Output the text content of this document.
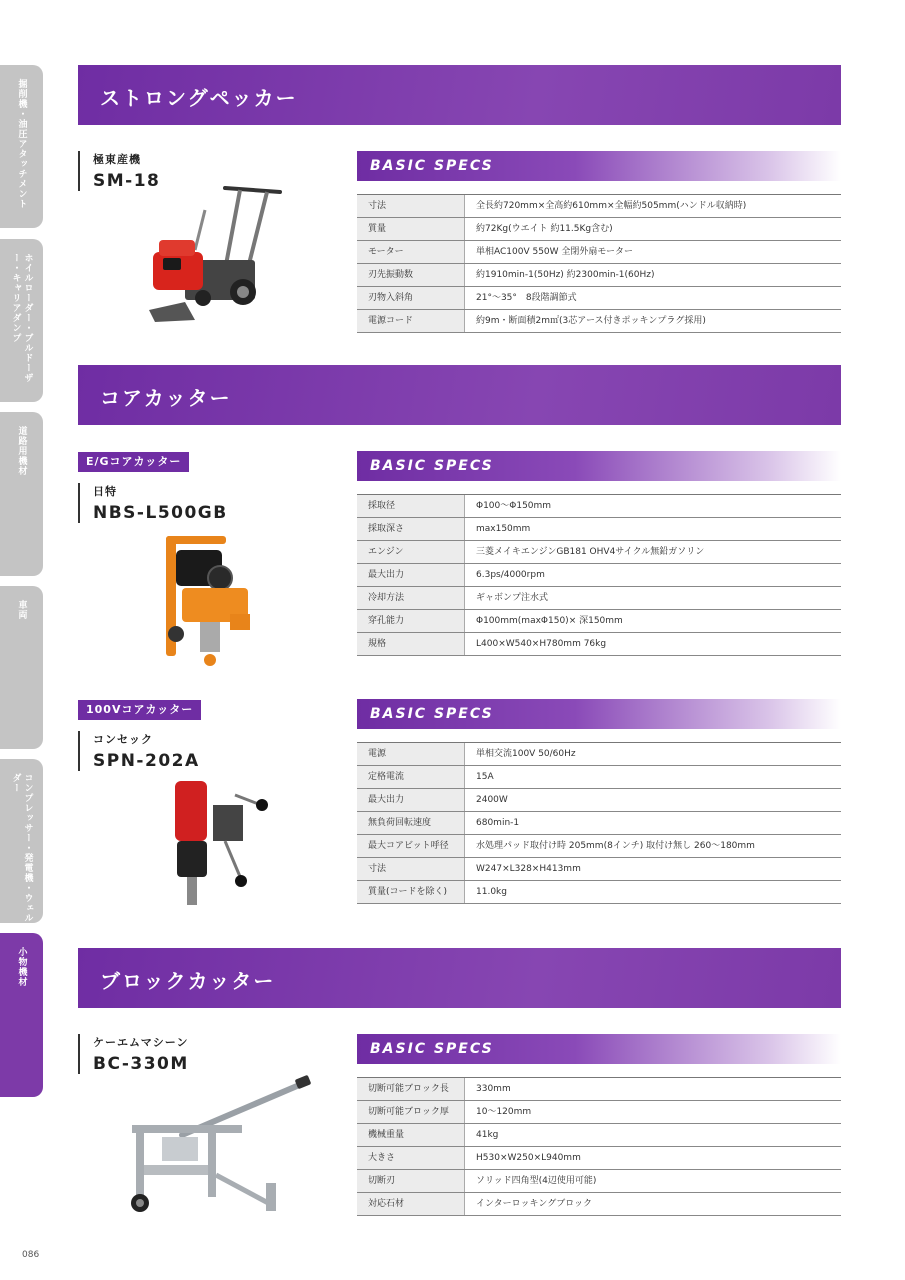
掘削機・油圧アタッチメント
ホイルローダー・ブルドーザー・キャリアダンプ
道路用機材
車両
コンプレッサー・発電機・ウェルダー
小物機材
ストロングペッカー
極東産機
SM-18
BASIC SPECS
寸法	全長約720mm×全高約610mm×全幅約505mm(ハンドル収納時)
質量	約72Kg(ウエイト 約11.5Kg含む)
モーター	単相AC100V 550W 全閉外扇モーター
刃先振動数	約1910min-1(50Hz) 約2300min-1(60Hz)
刃物入斜角	21°～35°　8段階調節式
電源コード	約9m・断面積2m㎡(3芯アース付きポッキンプラグ採用)
コアカッター
E/Gコアカッター
日特
NBS-L500GB
BASIC SPECS
採取径	Φ100～Φ150mm
採取深さ	max150mm
エンジン	三菱メイキエンジンGB181 OHV4サイクル無鉛ガソリン
最大出力	6.3ps/4000rpm
冷却方法	ギャボンプ注水式
穿孔能力	Φ100mm(maxΦ150)× 深150mm
規格	L400×W540×H780mm 76kg
100Vコアカッター
コンセック
SPN-202A
BASIC SPECS
電源	単相交流100V 50/60Hz
定格電流	15A
最大出力	2400W
無負荷回転速度	680min-1
最大コアビット呼径	水処理パッド取付け時 205mm(8インチ) 取付け無し 260～180mm
寸法	W247×L328×H413mm
質量(コードを除く)	11.0kg
ブロックカッター
ケーエムマシーン
BC-330M
BASIC SPECS
切断可能ブロック長	330mm
切断可能ブロック厚	10～120mm
機械重量	41kg
大きさ	H530×W250×L940mm
切断刃	ソリッド四角型(4辺使用可能)
対応石材	インターロッキングブロック
086
